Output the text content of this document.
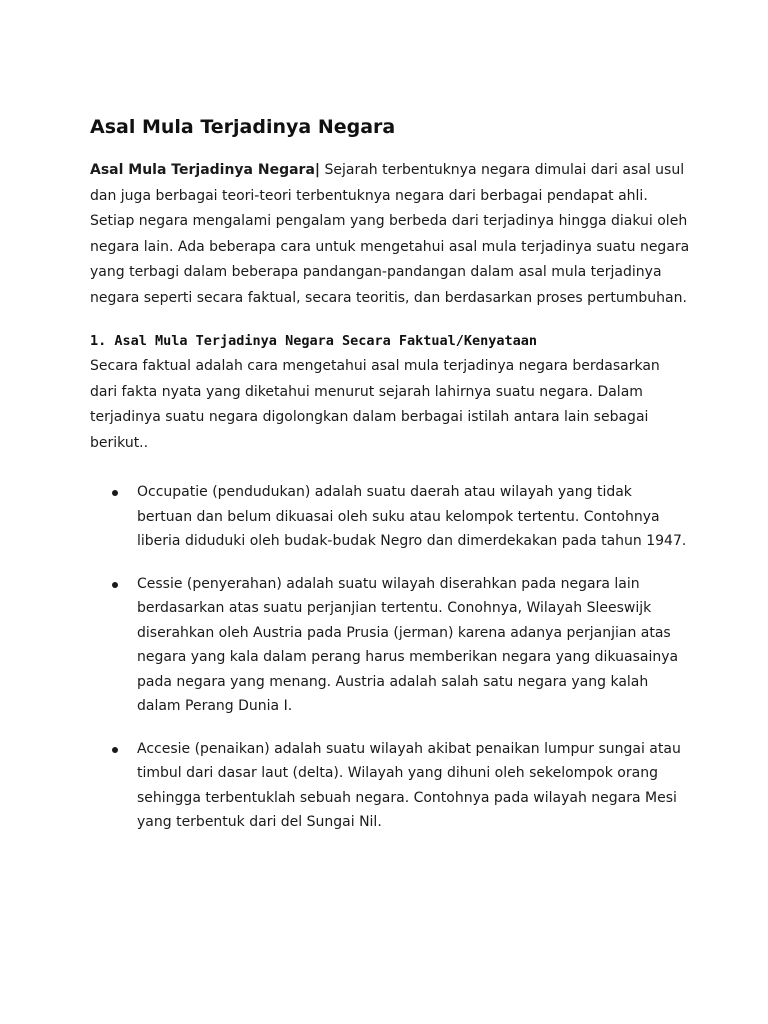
Asal Mula Terjadinya Negara

Asal Mula Terjadinya Negara| Sejarah terbentuknya negara dimulai dari asal usul dan juga berbagai teori-teori terbentuknya negara dari berbagai pendapat ahli. Setiap negara mengalami pengalam yang berbeda dari terjadinya hingga diakui oleh negara lain. Ada beberapa cara untuk mengetahui asal mula terjadinya suatu negara yang terbagi dalam beberapa pandangan-pandangan dalam asal mula terjadinya negara seperti secara faktual, secara teoritis, dan berdasarkan proses pertumbuhan.

1. Asal Mula Terjadinya Negara Secara Faktual/Kenyataan

Secara faktual adalah cara mengetahui asal mula terjadinya negara berdasarkan dari fakta nyata yang diketahui menurut sejarah lahirnya suatu negara. Dalam terjadinya suatu negara digolongkan dalam berbagai istilah antara lain sebagai berikut..

Occupatie (pendudukan) adalah suatu daerah atau wilayah yang tidak bertuan dan belum dikuasai oleh suku atau kelompok tertentu. Contohnya liberia diduduki oleh budak-budak Negro dan dimerdekakan pada tahun 1947.
Cessie (penyerahan) adalah suatu wilayah diserahkan pada negara lain berdasarkan atas suatu perjanjian tertentu. Conohnya, Wilayah Sleeswijk diserahkan oleh Austria pada Prusia (jerman) karena adanya perjanjian atas negara yang kala dalam perang harus memberikan negara yang dikuasainya pada negara yang menang. Austria adalah salah satu negara yang kalah dalam Perang Dunia I.
Accesie (penaikan) adalah suatu wilayah akibat penaikan lumpur sungai atau timbul dari dasar laut (delta). Wilayah yang dihuni oleh sekelompok orang sehingga terbentuklah sebuah negara. Contohnya pada wilayah negara Mesi yang terbentuk dari del Sungai Nil.
